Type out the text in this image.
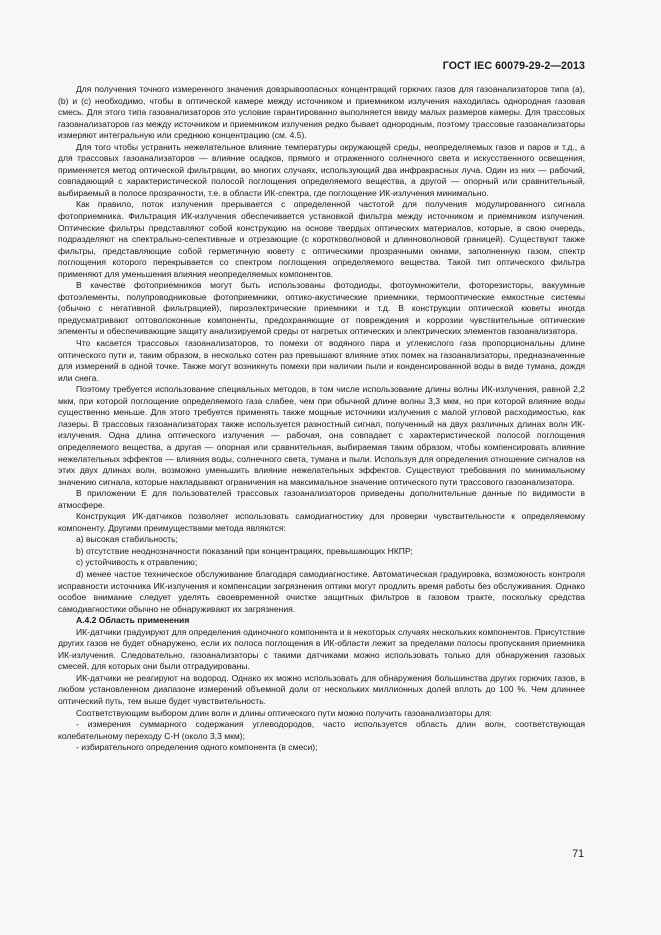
ГОСТ IEC 60079-29-2—2013

Для получения точного измеренного значения довзрывоопасных концентраций горючих газов для газоанализаторов типа (а), (b) и (с) необходимо, чтобы в оптической камере между источником и приемником излучения находилась однородная газовая смесь. Для этого типа газоанализаторов это условие гарантированно выполняется ввиду малых размеров камеры. Для трассовых газоанализаторов газ между источником и приемником излучения редко бывает однородным, поэтому трассовые газоанализаторы измеряют интегральную или среднюю концентрацию (см. 4.5).

Для того чтобы устранить нежелательное влияние температуры окружающей среды, неопределяемых газов и паров и т.д., а для трассовых газоанализаторов — влияние осадков, прямого и отраженного солнечного света и искусственного освещения, применяется метод оптической фильтрации, во многих случаях, использующий два инфракрасных луча. Один из них — рабочий, совпадающий с характеристической полосой поглощения определяемого вещества, а другой — опорный или сравнительный, выбираемый в полосе прозрачности, т.е. в области ИК-спектра, где поглощение ИК-излучения минимально.

Как правило, поток излучения прерывается с определенной частотой для получения модулированного сигнала фотоприемника. Фильтрация ИК-излучения обеспечивается установкой фильтра между источником и приемником излучения. Оптические фильтры представляют собой конструкцию на основе твердых оптических материалов, которые, в свою очередь, подразделяют на спектрально-селективные и отрезающие (с коротковолновой и длинноволновой границей). Существуют также фильтры, представляющие собой герметичную кювету с оптическими прозрачными окнами, заполненную газом, спектр поглощения которого перекрывается со спектром поглощения определяемого вещества. Такой тип оптического фильтра применяют для уменьшения влияния неопределяемых компонентов.

В качестве фотоприемников могут быть использованы фотодиоды, фотоумножители, фоторезисторы, вакуумные фотоэлементы, полупроводниковые фотоприемники, оптико-акустические приемники, термооптические емкостные системы (обычно с негативной фильтрацией), пироэлектрические приемники и т.д. В конструкции оптической кюветы иногда предусматривают оптоволоконные компоненты, предохраняющие от повреждения и коррозии чувствительные оптические элементы и обеспечивающие защиту анализируемой среды от нагретых оптических и электрических элементов газоанализатора.

Что касается трассовых газоанализаторов, то помехи от водяного пара и углекислого газа пропорциональны длине оптического пути и, таким образом, в несколько сотен раз превышают влияние этих помех на газоанализаторы, предназначенные для измерений в одной точке. Также могут возникнуть помехи при наличии пыли и конденсированной воды в виде тумана, дождя или снега.

Поэтому требуется использование специальных методов, в том числе использование длины волны ИК-излучения, равной 2,2 мкм, при которой поглощение определяемого газа слабее, чем при обычной длине волны 3,3 мкм, но при которой влияние воды существенно меньше. Для этого требуется применять также мощные источники излучения с малой угловой расходимостью, как лазеры. В трассовых газоанализаторах также используется разностный сигнал, полученный на двух различных длинах волн ИК-излучения. Одна длина оптического излучения — рабочая, она совпадает с характеристической полосой поглощения определяемого вещества, а другая — опорная или сравнительная, выбираемая таким образом, чтобы компенсировать влияние нежелательных эффектов — влияния воды, солнечного света, тумана и пыли. Используя для определения отношение сигналов на этих двух длинах волн, возможно уменьшить влияние нежелательных эффектов. Существуют требования по минимальному значению сигнала, которые накладывают ограничения на максимальное значение оптического пути трассового газоанализатора.

В приложении Е для пользователей трассовых газоанализаторов приведены дополнительные данные по видимости в атмосфере.

Конструкция ИК-датчиков позволяет использовать самодиагностику для проверки чувствительности к определяемому компоненту. Другими преимуществами метода являются:

a) высокая стабильность;

b) отсутствие неоднозначности показаний при концентрациях, превышающих НКПР;

c) устойчивость к отравлению;

d) менее частое техническое обслуживание благодаря самодиагностике. Автоматическая градуировка, возможность контроля исправности источника ИК-излучения и компенсации загрязнения оптики могут продлить время работы без обслуживания. Однако особое внимание следует уделять своевременной очистке защитных фильтров в газовом тракте, поскольку средства самодиагностики обычно не обнаруживают их загрязнения.

A.4.2 Область применения

ИК-датчики градуируют для определения одиночного компонента и в некоторых случаях нескольких компонентов. Присутствие других газов не будет обнаружено, если их полоса поглощения в ИК-области лежит за пределами полосы пропускания приемника ИК-излучения. Следовательно, газоанализаторы с такими датчиками можно использовать только для обнаружения газовых смесей, для которых они были отградуированы.

ИК-датчики не реагируют на водород. Однако их можно использовать для обнаружения большинства других горючих газов, в любом установленном диапазоне измерений объемной доли от нескольких миллионных долей вплоть до 100 %. Чем длиннее оптический путь, тем выше будет чувствительность.

Соответствующим выбором длин волн и длины оптического пути можно получить газоанализаторы для:

- измерения суммарного содержания углеводородов, часто используется область длин волн, соответствующая колебательному переходу С-Н (около 3,3 мкм);

- избирательного определения одного компонента (в смеси);

71
